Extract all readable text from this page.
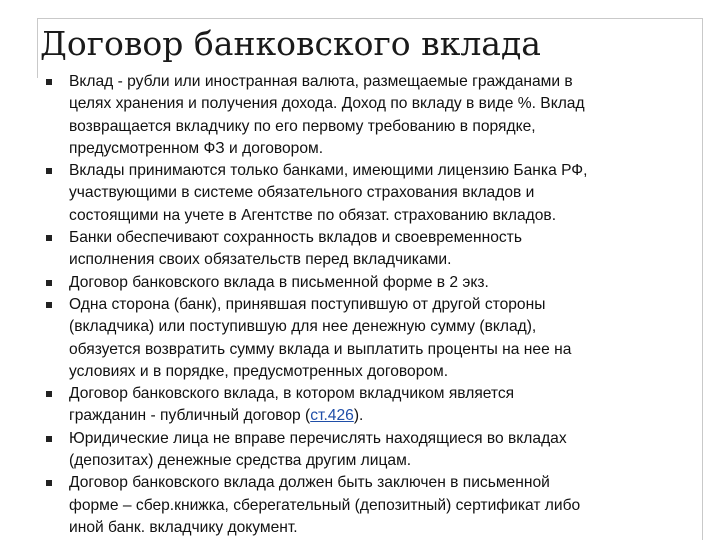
Договор банковского вклада
Вклад - рубли или иностранная валюта, размещаемые гражданами в
целях хранения и получения дохода. Доход по вкладу в виде %. Вклад
возвращается вкладчику по его первому требованию в порядке,
предусмотренном ФЗ и договором.
Вклады принимаются только банками, имеющими лицензию Банка РФ,
участвующими в системе обязательного страхования вкладов и
состоящими на учете в Агентстве по обязат. страхованию вкладов.
Банки обеспечивают сохранность вкладов и своевременность
исполнения своих обязательств перед вкладчиками.
Договор банковского вклада в письменной форме в 2 экз.
Одна сторона (банк), принявшая поступившую от другой стороны
(вкладчика) или поступившую для нее денежную сумму (вклад),
обязуется возвратить сумму вклада и выплатить проценты на нее на
условиях и в порядке, предусмотренных договором.
Договор банковского вклада, в котором вкладчиком является
гражданин - публичный договор (ст.426).
Юридические лица не вправе перечислять находящиеся во вкладах
(депозитах) денежные средства другим лицам.
Договор банковского вклада должен быть заключен в письменной
форме – сбер.книжка, сберегательный (депозитный) сертификат либо
иной банк. вкладчику документ.
